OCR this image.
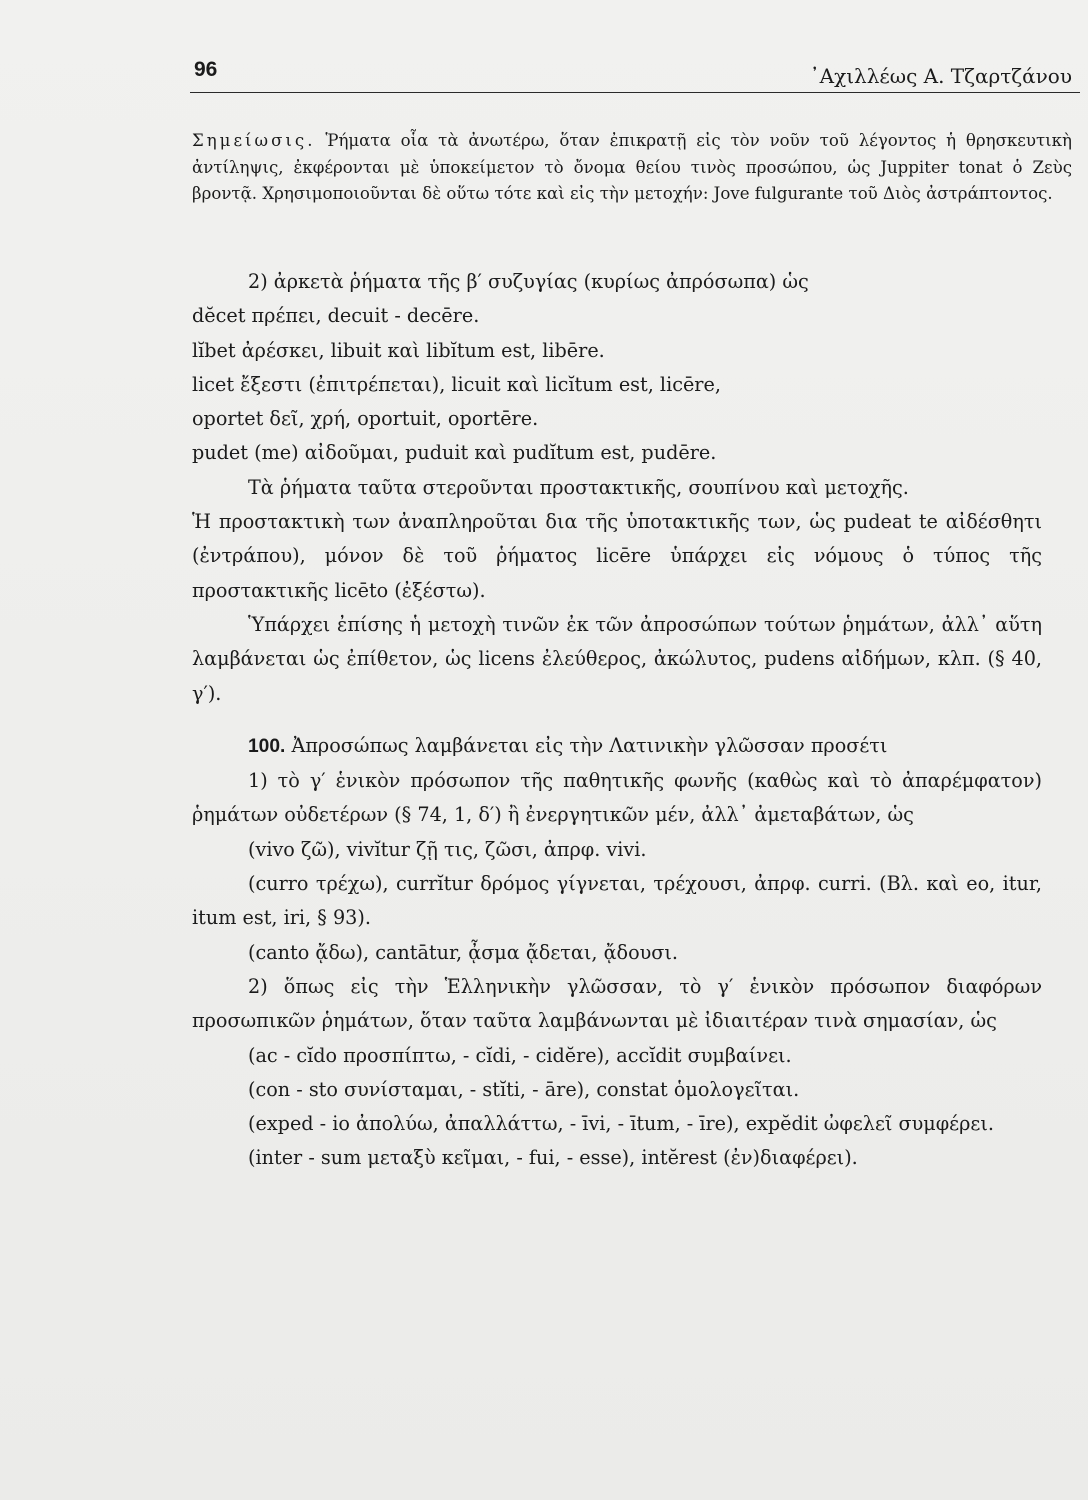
96	᾽Αχιλλέως Α. Τζαρτζάνου

Σημείωσις. Ῥήματα οἷα τὰ ἀνωτέρω, ὅταν ἐπικρατῇ εἰς τὸν νοῦν τοῦ λέγοντος ἡ θρησκευτικὴ ἀντίληψις, ἐκφέρονται μὲ ὑποκείμετον τὸ ὄνομα θείου τινὸς προσώπου, ὡς Juppiter tonat ὁ Ζεὺς βροντᾷ. Χρησιμοποιοῦνται δὲ οὕτω τότε καὶ εἰς τὴν μετοχήν: Jove fulgurante τοῦ Διὸς ἀστράπτοντος.

2) ἀρκετὰ ῥήματα τῆς β′ συζυγίας (κυρίως ἀπρόσωπα) ὡς

dĕcet πρέπει, decuit - decēre.

lĭbet ἀρέσκει, libuit καὶ libĭtum est, libēre.

licet ἔξεστι (ἐπιτρέπεται), licuit καὶ licĭtum est, licēre,

oportet δεῖ, χρή, oportuit, oportēre.

pudet (me) αἰδοῦμαι, puduit καὶ pudĭtum est, pudēre.

Τὰ ῥήματα ταῦτα στεροῦνται προστακτικῆς, σουπίνου καὶ μετοχῆς.

Ἡ προστακτικὴ των ἀναπληροῦται δια τῆς ὑποτακτικῆς των, ὡς pudeat te αἰδέσθητι (ἐντράπου), μόνον δὲ τοῦ ῥήματος licēre ὑπάρχει εἰς νόμους ὁ τύπος τῆς προστακτικῆς licēto (ἐξέστω).

Ὑπάρχει ἐπίσης ἡ μετοχὴ τινῶν ἐκ τῶν ἀπροσώπων τούτων ῥημάτων, ἀλλ᾽ αὕτη λαμβάνεται ὡς ἐπίθετον, ὡς licens ἐλεύθερος, ἀκώλυτος, pudens αἰδήμων, κλπ. (§ 40, γ′).

100. Ἀπροσώπως λαμβάνεται εἰς τὴν Λατινικὴν γλῶσσαν προσέτι

1) τὸ γ′ ἑνικὸν πρόσωπον τῆς παθητικῆς φωνῆς (καθὼς καὶ τὸ ἀπαρέμφατον) ῥημάτων οὐδετέρων (§ 74, 1, δ′) ἢ ἐνεργητικῶν μέν, ἀλλ᾽ ἀμεταβάτων, ὡς

(vivo ζῶ), vivĭtur ζῇ τις, ζῶσι, ἀπρφ. vivi.

(curro τρέχω), currĭtur δρόμος γίγνεται, τρέχουσι, ἀπρφ. curri. (Βλ. καὶ eo, itur, itum est, iri, § 93).

(canto ᾄδω), cantātur, ᾆσμα ᾄδεται, ᾄδουσι.

2) ὅπως εἰς τὴν Ἑλληνικὴν γλῶσσαν, τὸ γ′ ἑνικὸν πρόσωπον διαφόρων προσωπικῶν ῥημάτων, ὅταν ταῦτα λαμβάνωνται μὲ ἰδιαιτέραν τινὰ σημασίαν, ὡς

(ac - cĭdo προσπίπτω, - cĭdi, - cidĕre), accĭdit συμβαίνει.

(con - sto συνίσταμαι, - stĭti, - āre), constat ὁμολογεῖται.

(exped - io ἀπολύω, ἀπαλλάττω, - īvi, - ītum, - īre), expĕdit ὠφελεῖ συμφέρει.

(inter - sum μεταξὺ κεῖμαι, - fui, - esse), intĕrest (ἐν)διαφέρει).
